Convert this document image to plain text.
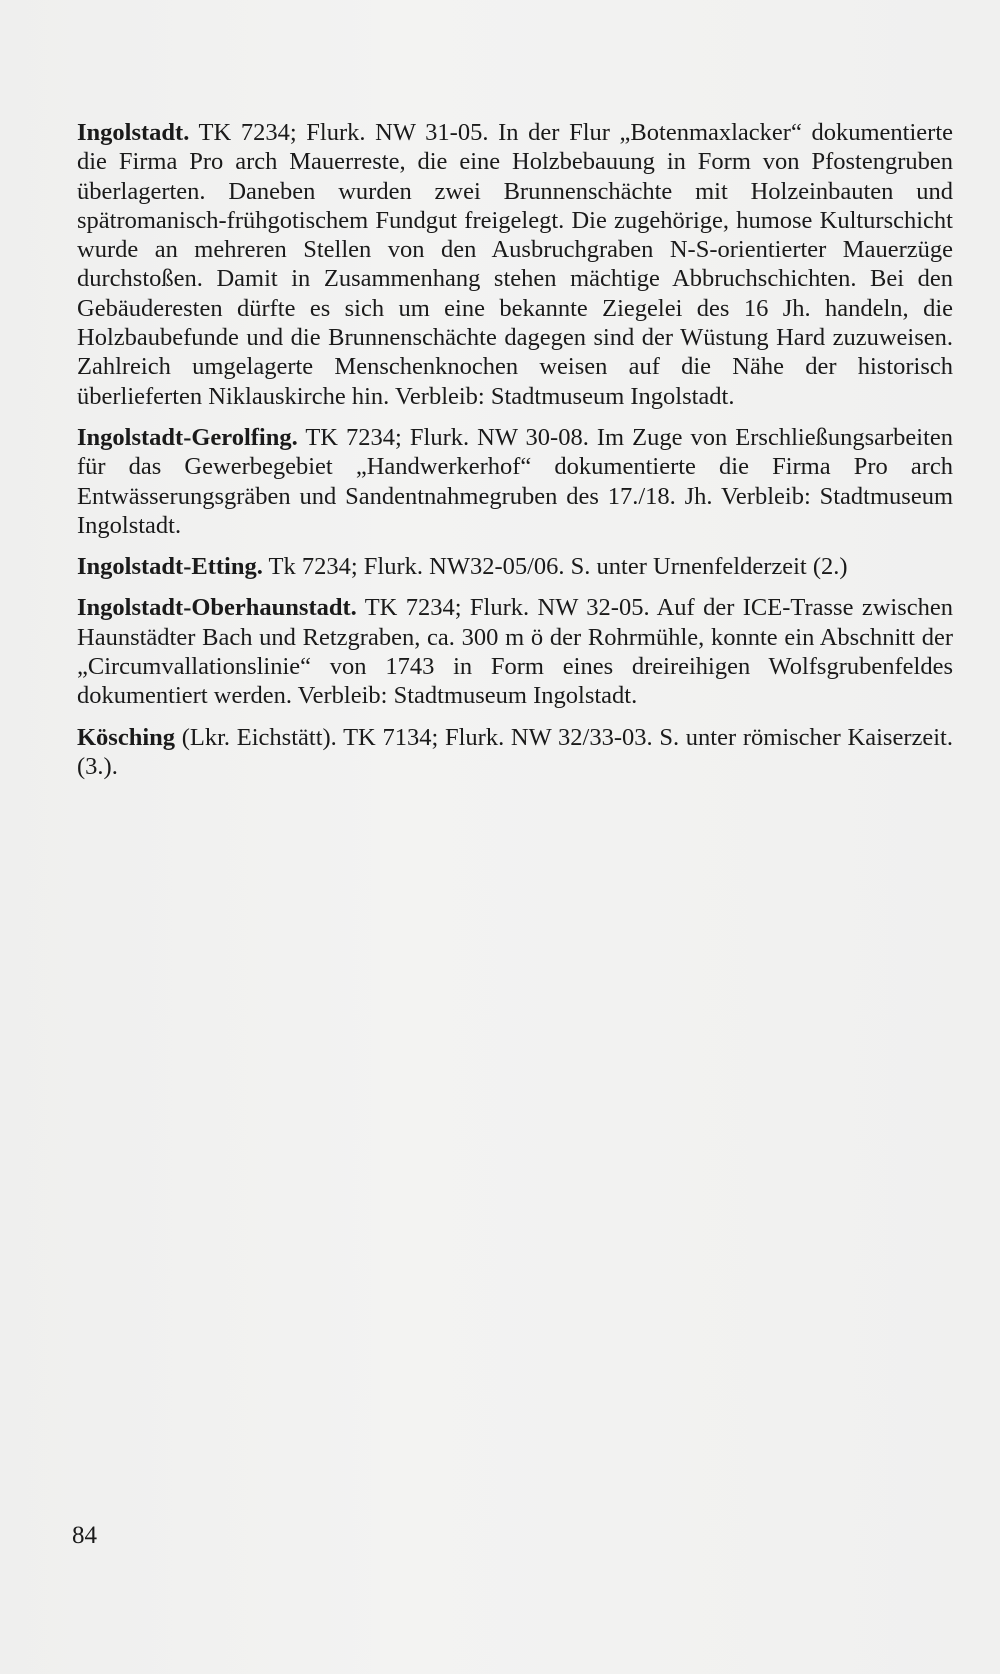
Ingolstadt. TK 7234; Flurk. NW 31-05. In der Flur „Botenmaxlacker“ dokumentierte die Firma Pro arch Mauerreste, die eine Holzbebauung in Form von Pfostengruben überlagerten. Daneben wurden zwei Brunnenschächte mit Holzeinbauten und spätromanisch-frühgotischem Fundgut freigelegt. Die zugehörige, humose Kulturschicht wurde an mehreren Stellen von den Ausbruchgraben N-S-orientierter Mauerzüge durchstoßen. Damit in Zusammenhang stehen mächtige Abbruchschichten. Bei den Gebäuderesten dürfte es sich um eine bekannte Ziegelei des 16 Jh. handeln, die Holzbaubefunde und die Brunnenschächte dagegen sind der Wüstung Hard zuzuweisen. Zahlreich umgelagerte Menschenknochen weisen auf die Nähe der historisch überlieferten Niklauskirche hin. Verbleib: Stadtmuseum Ingolstadt.

Ingolstadt-Gerolfing. TK 7234; Flurk. NW 30-08. Im Zuge von Erschließungsarbeiten für das Gewerbegebiet „Handwerkerhof“ dokumentierte die Firma Pro arch Entwässerungsgräben und Sandentnahmegruben des 17./18. Jh. Verbleib: Stadtmuseum Ingolstadt.

Ingolstadt-Etting. Tk 7234; Flurk. NW32-05/06. S. unter Urnenfelderzeit (2.)

Ingolstadt-Oberhaunstadt. TK 7234; Flurk. NW 32-05. Auf der ICE-Trasse zwischen Haunstädter Bach und Retzgraben, ca. 300 m ö der Rohrmühle, konnte ein Abschnitt der „Circumvallationslinie“ von 1743 in Form eines dreireihigen Wolfsgrubenfeldes dokumentiert werden. Verbleib: Stadtmuseum Ingolstadt.

Kösching (Lkr. Eichstätt). TK 7134; Flurk. NW 32/33-03. S. unter römischer Kaiserzeit. (3.).

84
